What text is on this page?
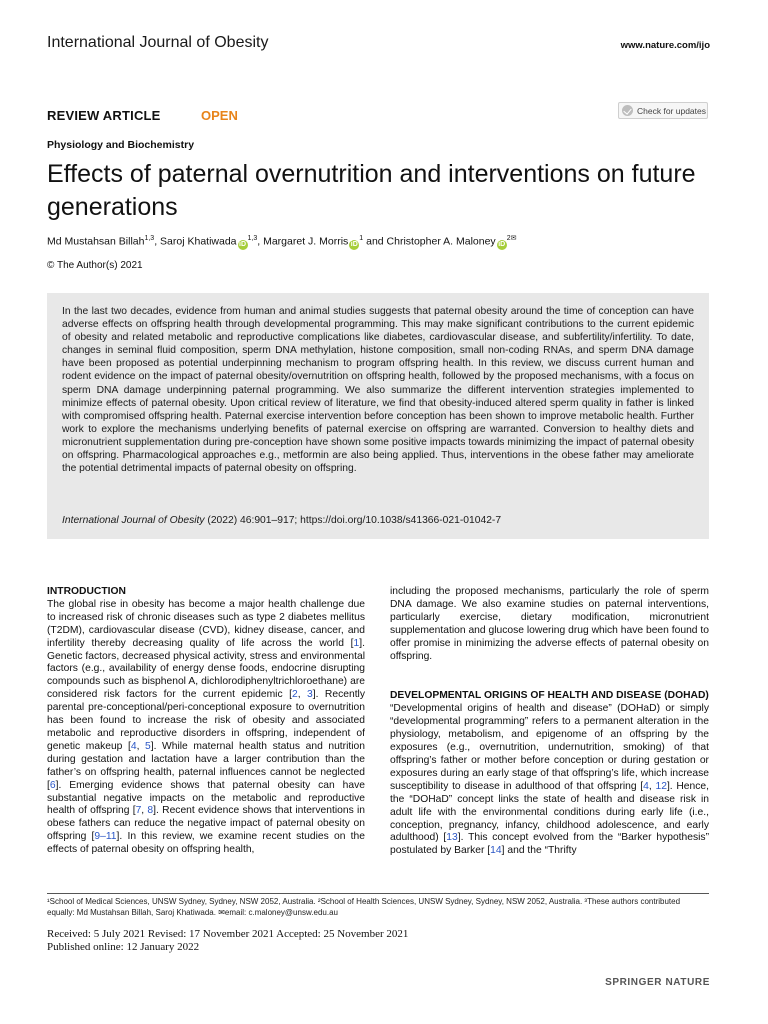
International Journal of Obesity	www.nature.com/ijo
REVIEW ARTICLE	OPEN	Check for updates
Physiology and Biochemistry
Effects of paternal overnutrition and interventions on future generations
Md Mustahsan Billah$^{1,3}$, Saroj Khatiwada iD$^{1,3}$, Margaret J. Morris $iD^1$ and Christopher A. Maloney $iD^{2✉}$
© The Author(s) 2021
In the last two decades, evidence from human and animal studies suggests that paternal obesity around the time of conception can have adverse effects on offspring health through developmental programming. This may make significant contributions to the current epidemic of obesity and related metabolic and reproductive complications like diabetes, cardiovascular disease, and subfertility/infertility. To date, changes in seminal fluid composition, sperm DNA methylation, histone composition, small non-coding RNAs, and sperm DNA damage have been proposed as potential underpinning mechanism to program offspring health. In this review, we discuss current human and rodent evidence on the impact of paternal obesity/overnutrition on offspring health, followed by the proposed mechanisms, with a focus on sperm DNA damage underpinning paternal programming. We also summarize the different intervention strategies implemented to minimize effects of paternal obesity. Upon critical review of literature, we find that obesity-induced altered sperm quality in father is linked with compromised offspring health. Paternal exercise intervention before conception has been shown to improve metabolic health. Further work to explore the mechanisms underlying benefits of paternal exercise on offspring are warranted. Conversion to healthy diets and micronutrient supplementation during pre-conception have shown some positive impacts towards minimizing the impact of paternal obesity on offspring. Pharmacological approaches e.g., metformin are also being applied. Thus, interventions in the obese father may ameliorate the potential detrimental impacts of paternal obesity on offspring.
International Journal of Obesity (2022) 46:901–917; https://doi.org/10.1038/s41366-021-01042-7
INTRODUCTION
The global rise in obesity has become a major health challenge due to increased risk of chronic diseases such as type 2 diabetes mellitus (T2DM), cardiovascular disease (CVD), kidney disease, cancer, and infertility thereby decreasing quality of life across the world [1]. Genetic factors, decreased physical activity, stress and environmental factors (e.g., availability of energy dense foods, endocrine disrupting compounds such as bisphenol A, dichlorodiphenyltrichloroethane) are considered risk factors for the current epidemic [2, 3]. Recently parental pre-conceptional/peri-conceptional exposure to overnutrition has been found to increase the risk of obesity and associated metabolic and reproductive disorders in offspring, independent of genetic makeup [4, 5]. While maternal health status and nutrition during gestation and lactation have a larger contribution than the father’s on offspring health, paternal influences cannot be neglected [6]. Emerging evidence shows that paternal obesity can have substantial negative impacts on the metabolic and reproductive health of offspring [7, 8]. Recent evidence shows that interventions in obese fathers can reduce the negative impact of paternal obesity on offspring [9–11]. In this review, we examine recent studies on the effects of paternal obesity on offspring health,
including the proposed mechanisms, particularly the role of sperm DNA damage. We also examine studies on paternal interventions, particularly exercise, dietary modification, micronutrient supplementation and glucose lowering drug which have been found to offer promise in minimizing the adverse effects of paternal obesity on offspring.
DEVELOPMENTAL ORIGINS OF HEALTH AND DISEASE (DOHAD)
“Developmental origins of health and disease” (DOHaD) or simply “developmental programming” refers to a permanent alteration in the physiology, metabolism, and epigenome of an offspring by the exposures (e.g., overnutrition, undernutrition, smoking) of that offspring’s father or mother before conception or during gestation or exposures during an early stage of that offspring’s life, which increase susceptibility to disease in adulthood of that offspring [4, 12]. Hence, the “DOHaD” concept links the state of health and disease risk in adult life with the environmental conditions during early life (i.e., conception, pregnancy, infancy, childhood adolescence, and early adulthood) [13]. This concept evolved from the “Barker hypothesis” postulated by Barker [14] and the “Thrifty
¹School of Medical Sciences, UNSW Sydney, Sydney, NSW 2052, Australia. ²School of Health Sciences, UNSW Sydney, Sydney, NSW 2052, Australia. ³These authors contributed equally: Md Mustahsan Billah, Saroj Khatiwada. ✉email: c.maloney@unsw.edu.au
Received: 5 July 2021 Revised: 17 November 2021 Accepted: 25 November 2021
Published online: 12 January 2022
SPRINGER NATURE
